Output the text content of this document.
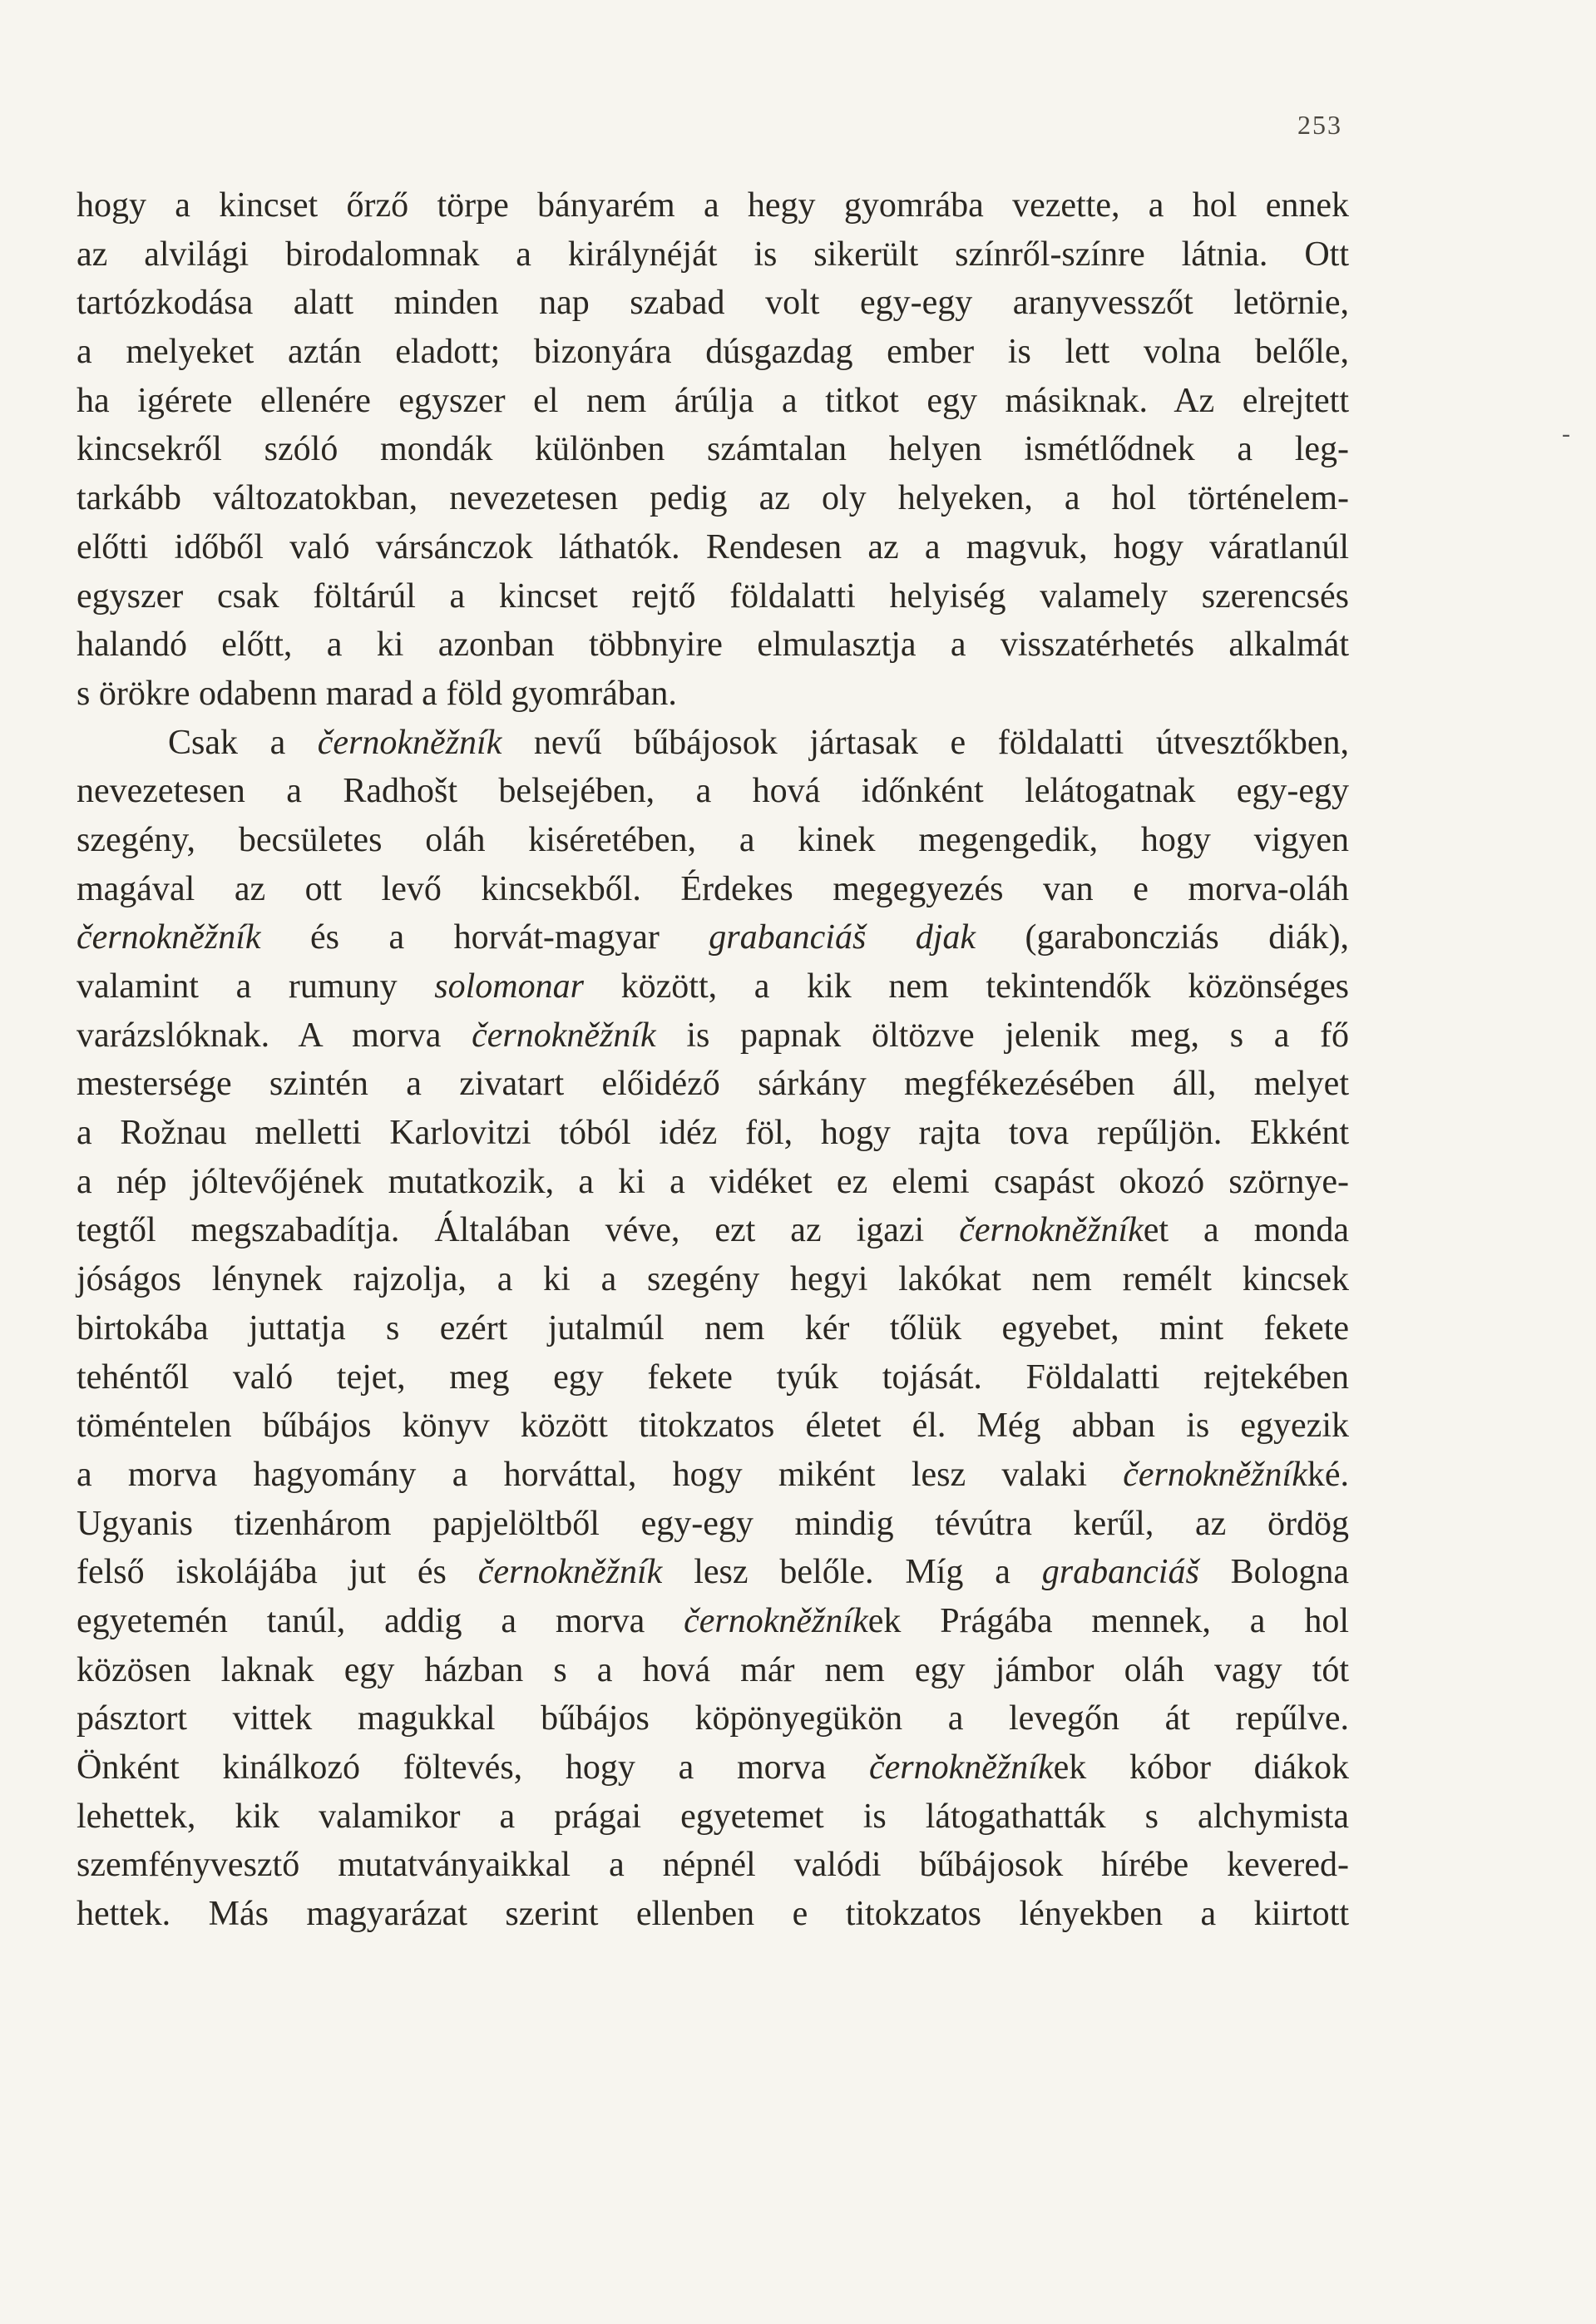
253
-
hogy a kincset őrző törpe bányarém a hegy gyomrába vezette, a hol ennek
az alvilági birodalomnak a királynéját is sikerült színről-színre látnia. Ott
tartózkodása alatt minden nap szabad volt egy-egy aranyvesszőt letörnie,
a melyeket aztán eladott; bizonyára dúsgazdag ember is lett volna belőle,
ha igérete ellenére egyszer el nem árúlja a titkot egy másiknak. Az elrejtett
kincsekről szóló mondák különben számtalan helyen ismétlődnek a leg-
tarkább változatokban, nevezetesen pedig az oly helyeken, a hol történelem-
előtti időből való vársánczok láthatók. Rendesen az a magvuk, hogy váratlanúl
egyszer csak föltárúl a kincset rejtő földalatti helyiség valamely szerencsés
halandó előtt, a ki azonban többnyire elmulasztja a visszatérhetés alkalmát
s örökre odabenn marad a föld gyomrában.
Csak a černokněžník nevű bűbájosok jártasak e földalatti útvesztőkben,
nevezetesen a Radhošt belsejében, a hová időnként lelátogatnak egy-egy
szegény, becsületes oláh kiséretében, a kinek megengedik, hogy vigyen
magával az ott levő kincsekből. Érdekes megegyezés van e morva-oláh
černokněžník és a horvát-magyar grabanciáš djak (garaboncziás diák),
valamint a rumuny solomonar között, a kik nem tekintendők közönséges
varázslóknak. A morva černokněžník is papnak öltözve jelenik meg, s a fő
mestersége szintén a zivatart előidéző sárkány megfékezésében áll, melyet
a Rožnau melletti Karlovitzi tóból idéz föl, hogy rajta tova repűljön. Ekként
a nép jóltevőjének mutatkozik, a ki a vidéket ez elemi csapást okozó szörnye-
tegtől megszabadítja. Általában véve, ezt az igazi černokněžníket a monda
jóságos lénynek rajzolja, a ki a szegény hegyi lakókat nem remélt kincsek
birtokába juttatja s ezért jutalmúl nem kér tőlük egyebet, mint fekete
tehéntől való tejet, meg egy fekete tyúk tojását. Földalatti rejtekében
töméntelen bűbájos könyv között titokzatos életet él. Még abban is egyezik
a morva hagyomány a horváttal, hogy miként lesz valaki černokněžníkké.
Ugyanis tizenhárom papjelöltből egy-egy mindig tévútra kerűl, az ördög
felső iskolájába jut és černokněžník lesz belőle. Míg a grabanciáš Bologna
egyetemén tanúl, addig a morva černokněžníkek Prágába mennek, a hol
közösen laknak egy házban s a hová már nem egy jámbor oláh vagy tót
pásztort vittek magukkal bűbájos köpönyegükön a levegőn át repűlve.
Önként kinálkozó föltevés, hogy a morva černokněžníkek kóbor diákok
lehettek, kik valamikor a prágai egyetemet is látogathatták s alchymista
szemfényvesztő mutatványaikkal a népnél valódi bűbájosok hírébe kevered-
hettek. Más magyarázat szerint ellenben e titokzatos lényekben a kiirtott
